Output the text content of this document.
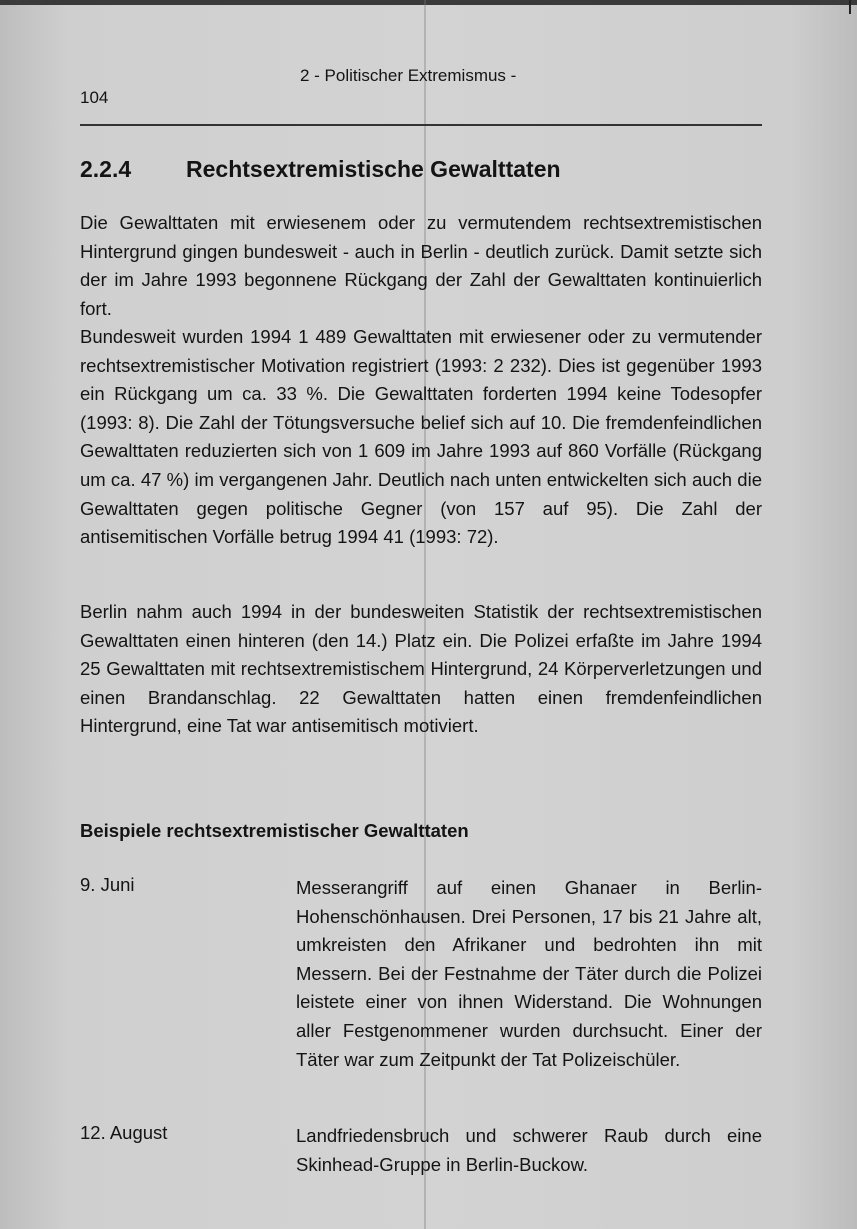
2 - Politischer Extremismus -
104
2.2.4 Rechtsextremistische Gewalttaten

Die Gewalttaten mit erwiesenem oder zu vermutendem rechtsextremistischen Hintergrund gingen bundesweit - auch in Berlin - deutlich zurück. Damit setzte sich der im Jahre 1993 begonnene Rückgang der Zahl der Gewalttaten kontinuierlich fort.

Bundesweit wurden 1994 1 489 Gewalttaten mit erwiesener oder zu vermutender rechtsextremistischer Motivation registriert (1993: 2 232). Dies ist gegenüber 1993 ein Rückgang um ca. 33 %. Die Gewalttaten forderten 1994 keine Todesopfer (1993: 8). Die Zahl der Tötungsversuche belief sich auf 10. Die fremdenfeindlichen Gewalttaten reduzierten sich von 1 609 im Jahre 1993 auf 860 Vorfälle (Rückgang um ca. 47 %) im vergangenen Jahr. Deutlich nach unten entwickelten sich auch die Gewalttaten gegen politische Gegner (von 157 auf 95). Die Zahl der antisemitischen Vorfälle betrug 1994 41 (1993: 72).

Berlin nahm auch 1994 in der bundesweiten Statistik der rechtsextremistischen Gewalttaten einen hinteren (den 14.) Platz ein. Die Polizei erfaßte im Jahre 1994 25 Gewalttaten mit rechtsextremistischem Hintergrund, 24 Körperverletzungen und einen Brandanschlag. 22 Gewalttaten hatten einen fremdenfeindlichen Hintergrund, eine Tat war antisemitisch motiviert.

Beispiele rechtsextremistischer Gewalttaten
9. Juni	Messerangriff auf einen Ghanaer in Berlin-Hohenschönhausen. Drei Personen, 17 bis 21 Jahre alt, umkreisten den Afrikaner und bedrohten ihn mit Messern. Bei der Festnahme der Täter durch die Polizei leistete einer von ihnen Widerstand. Die Wohnungen aller Festgenommener wurden durchsucht. Einer der Täter war zum Zeitpunkt der Tat Polizeischüler.

12. August	Landfriedensbruch und schwerer Raub durch eine Skinhead-Gruppe in Berlin-Buckow.
